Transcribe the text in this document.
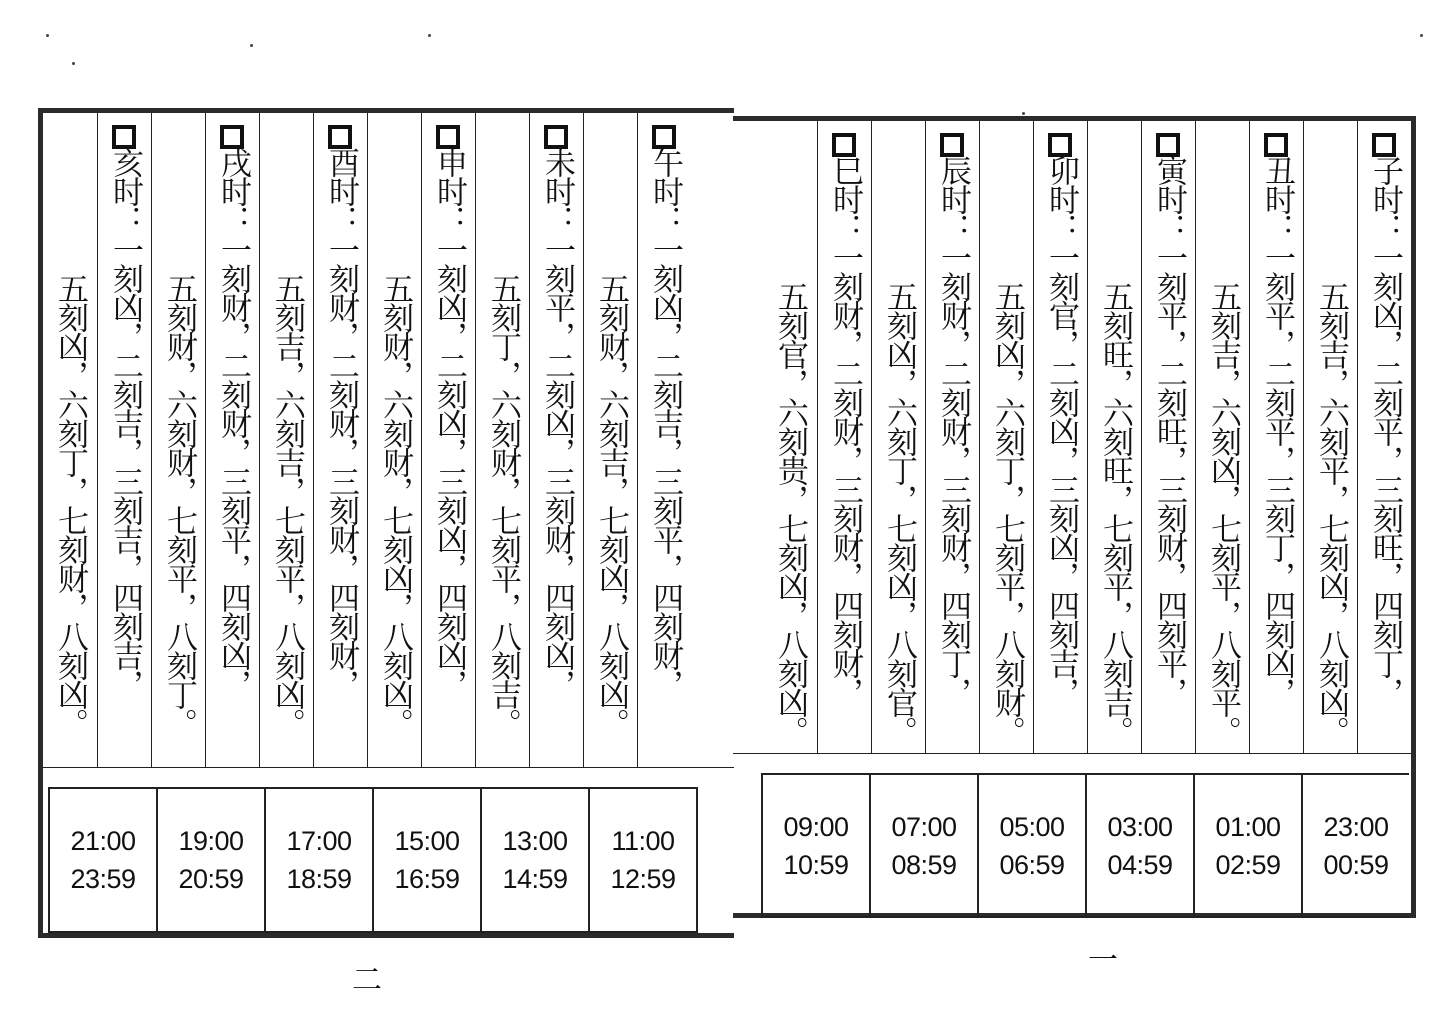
五刻凶，六刻丁，七刻财，八刻凶。 亥时：一刻凶，二刻吉，三刻吉，四刻吉， 五刻财，六刻财，七刻平，八刻丁。 戌时：一刻财，二刻财，三刻平，四刻凶， 五刻吉，六刻吉，七刻平，八刻凶。 酉时：一刻财，二刻财，三刻财，四刻财， 五刻财，六刻财，七刻凶，八刻凶。 申时：一刻凶，二刻凶，三刻凶，四刻凶， 五刻丁，六刻财，七刻平，八刻吉。 未时：一刻平，二刻凶，三刻财，四刻凶， 五刻财，六刻吉，七刻凶，八刻凶。 午时：一刻凶，二刻吉，三刻平，四刻财，
21:00
23:59
19:00
20:59
17:00
18:59
15:00
16:59
13:00
14:59
11:00
12:59
五刻官，六刻贵，七刻凶，八刻凶。 巳时：一刻财，二刻财，三刻财，四刻财， 五刻凶，六刻丁，七刻凶，八刻官。 辰时：一刻财，二刻财，三刻财，四刻丁， 五刻凶，六刻丁，七刻平，八刻财。 卯时：一刻官，二刻凶，三刻凶，四刻吉， 五刻旺，六刻旺，七刻平，八刻吉。 寅时：一刻平，二刻旺，三刻财，四刻平， 五刻吉，六刻凶，七刻平，八刻平。 丑时：一刻平，二刻平，三刻丁，四刻凶， 五刻吉，六刻平，七刻凶，八刻凶。 子时：一刻凶，二刻平，三刻旺，四刻丁，
09:00
10:59
07:00
08:59
05:00
06:59
03:00
04:59
01:00
02:59
23:00
00:59
二
一
